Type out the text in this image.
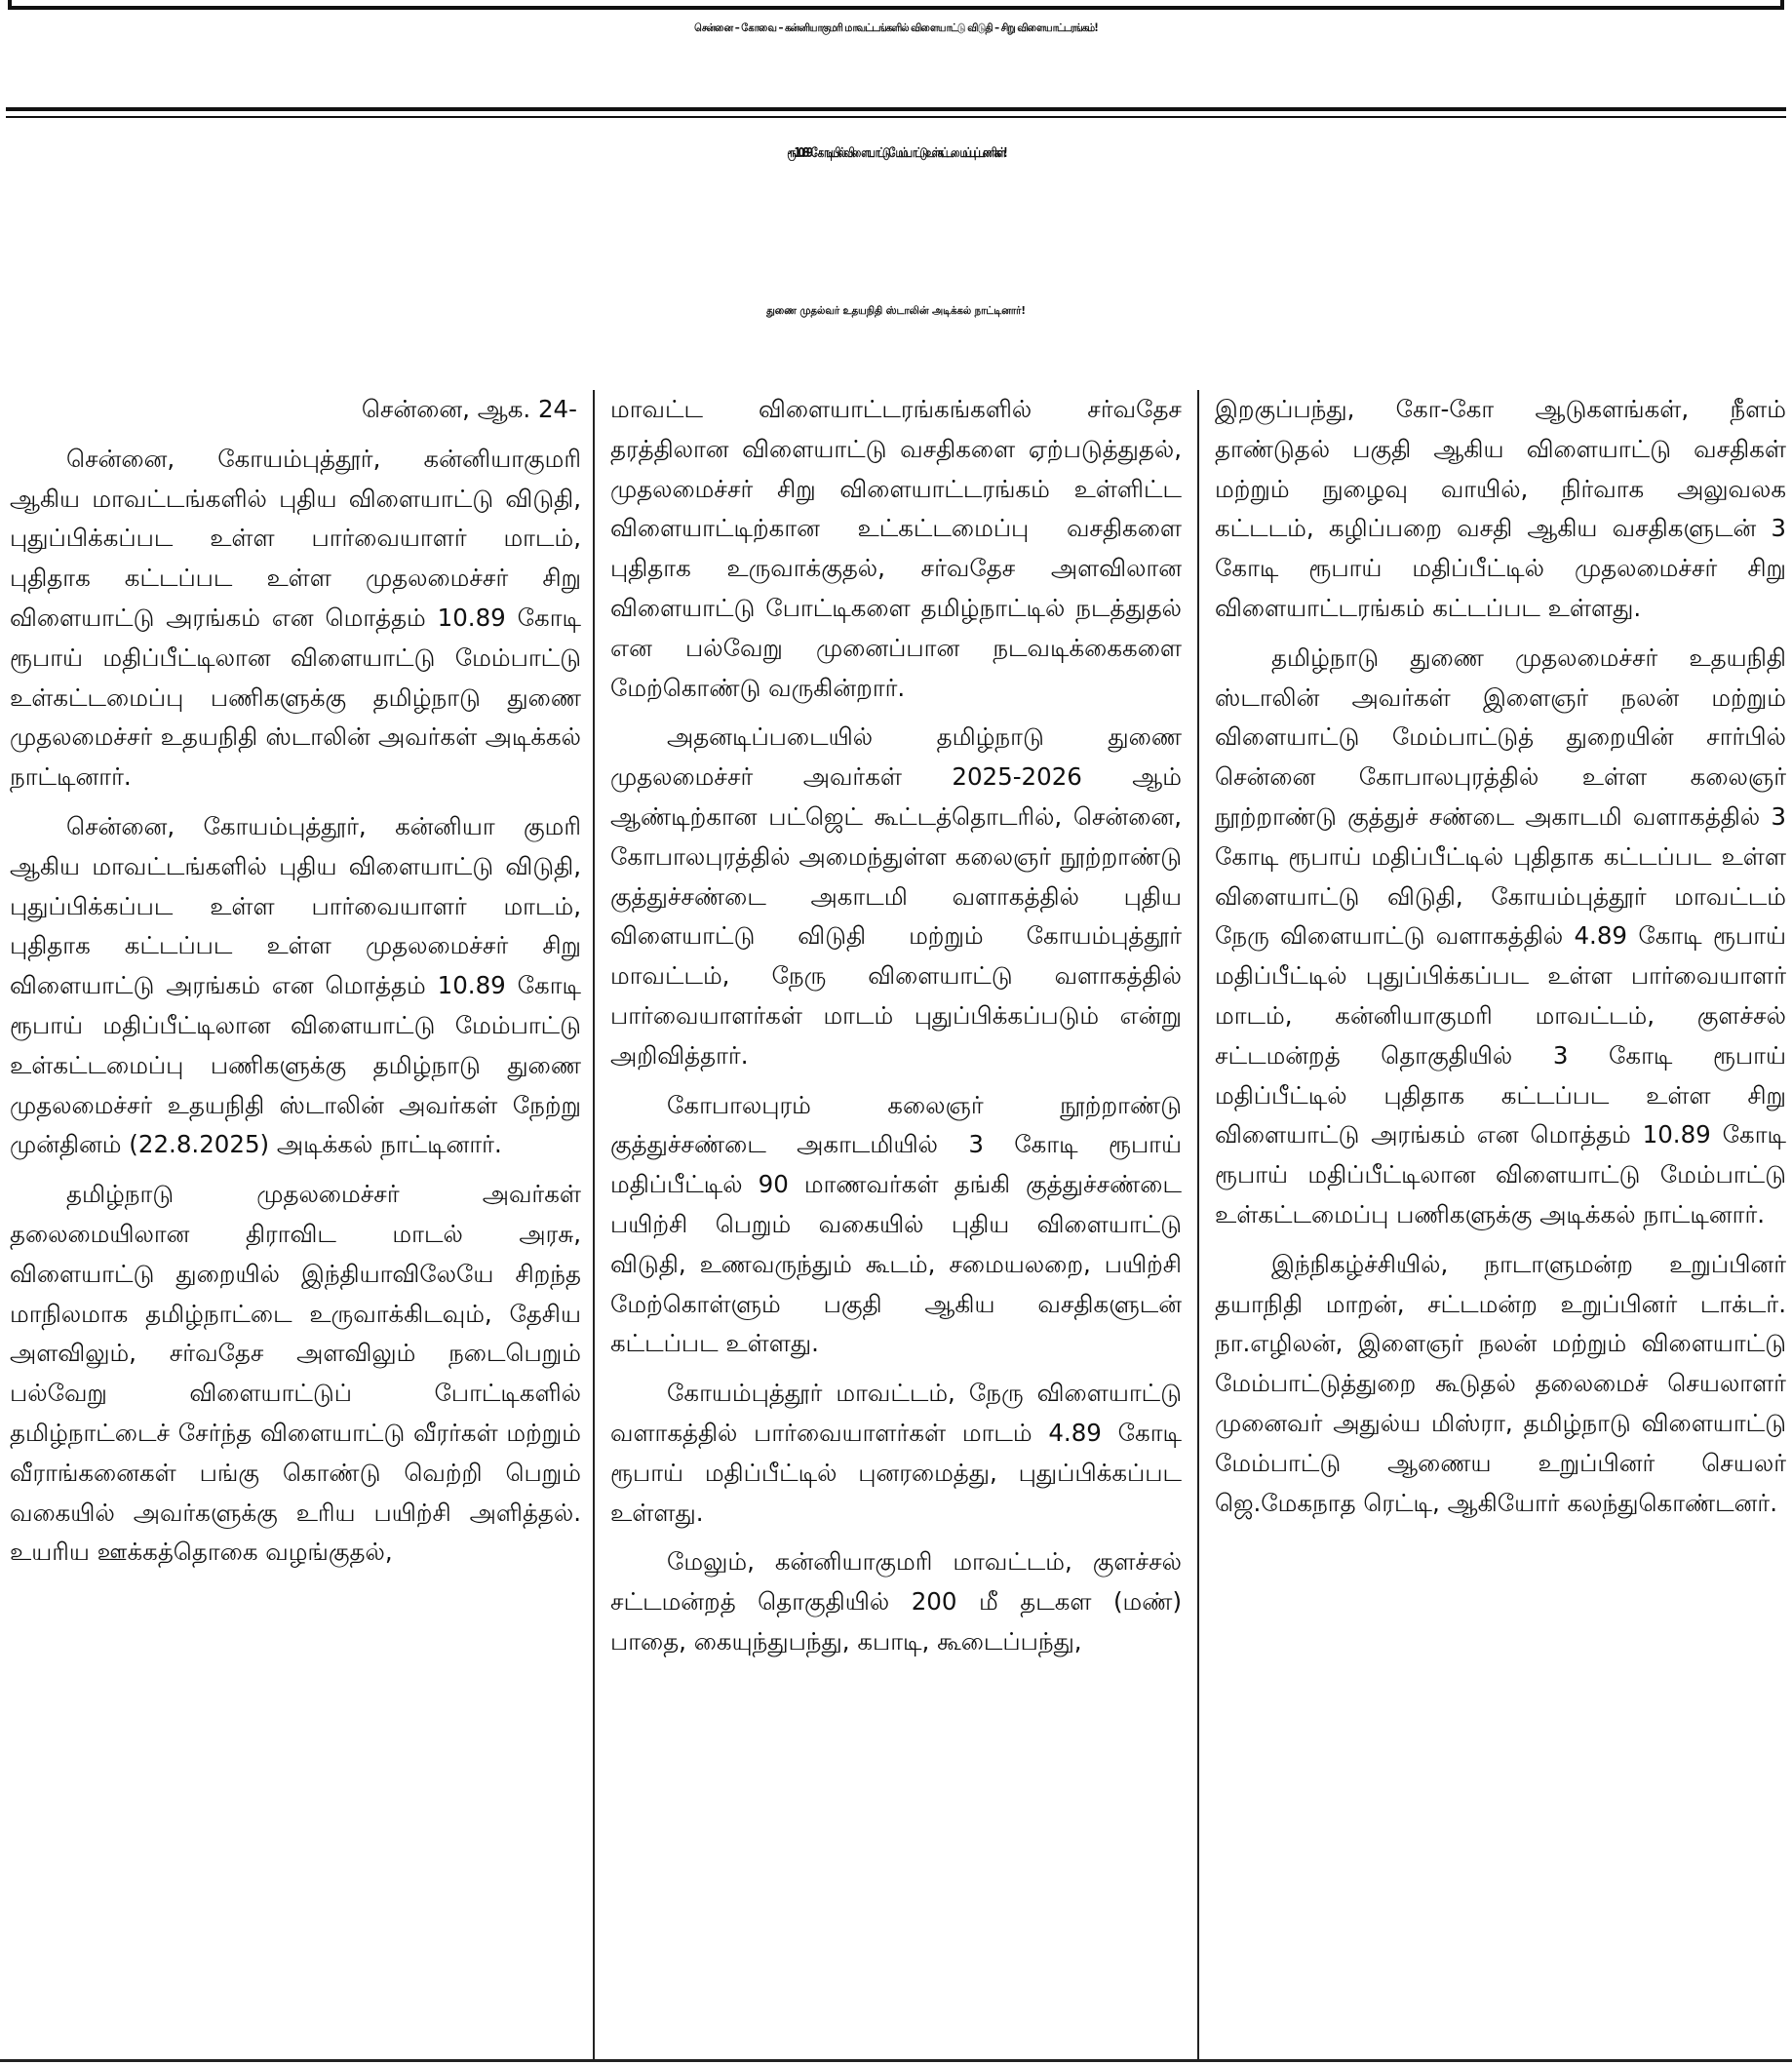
சென்னை – கோவை – கன்னியாகுமரி மாவட்டங்களில் விளையாட்டு விடுதி – சிறு விளையாட்டரங்கம்!
ரூ.10.89 கோடியில் விளையாட்டு மேம்பாட்டு உள்கட்டமைப்புப் பணிகள்!
துணை முதல்வர் உதயநிதி ஸ்டாலின் அடிக்கல் நாட்டினார்!

சென்னை, ஆக. 24-

சென்னை, கோயம்புத்தூர், கன்னியாகுமரி ஆகிய மாவட்டங்களில் புதிய விளையாட்டு விடுதி, புதுப்பிக்கப்பட உள்ள பார்வையாளர் மாடம், புதிதாக கட்டப்பட உள்ள முதலமைச்சர் சிறு விளையாட்டு அரங்கம் என மொத்தம் 10.89 கோடி ரூபாய் மதிப்பீட்டிலான விளையாட்டு மேம்பாட்டு உள்கட்டமைப்பு பணிகளுக்கு தமிழ்நாடு துணை முதலமைச்சர் உதயநிதி ஸ்டாலின் அவர்கள் அடிக்கல் நாட்டினார்.

சென்னை, கோயம்புத்தூர், கன்னியா குமரி ஆகிய மாவட்டங்களில் புதிய விளையாட்டு விடுதி, புதுப்பிக்கப்பட உள்ள பார்வையாளர் மாடம், புதிதாக கட்டப்பட உள்ள முதலமைச்சர் சிறு விளையாட்டு அரங்கம் என மொத்தம் 10.89 கோடி ரூபாய் மதிப்பீட்டிலான விளையாட்டு மேம்பாட்டு உள்கட்டமைப்பு பணிகளுக்கு தமிழ்நாடு துணை முதலமைச்சர் உதயநிதி ஸ்டாலின் அவர்கள் நேற்று முன்தினம் (22.8.2025) அடிக்கல் நாட்டினார்.

தமிழ்நாடு முதலமைச்சர் அவர்கள் தலைமையிலான திராவிட மாடல் அரசு, விளையாட்டு துறையில் இந்தியாவிலேயே சிறந்த மாநிலமாக தமிழ்நாட்டை உருவாக்கிடவும், தேசிய அளவிலும், சர்வதேச அளவிலும் நடைபெறும் பல்வேறு விளையாட்டுப் போட்டிகளில் தமிழ்நாட்டைச் சேர்ந்த விளையாட்டு வீரர்கள் மற்றும் வீராங்கனைகள் பங்கு கொண்டு வெற்றி பெறும் வகையில் அவர்களுக்கு உரிய பயிற்சி அளித்தல். உயரிய ஊக்கத்தொகை வழங்குதல்,

மாவட்ட விளையாட்டரங்கங்களில் சர்வதேச தரத்திலான விளையாட்டு வசதிகளை ஏற்படுத்துதல், முதலமைச்சர் சிறு விளையாட்டரங்கம் உள்ளிட்ட விளையாட்டிற்கான உட்கட்டமைப்பு வசதிகளை புதிதாக உருவாக்குதல், சர்வதேச அளவிலான விளையாட்டு போட்டிகளை தமிழ்நாட்டில் நடத்துதல் என பல்வேறு முனைப்பான நடவடிக்கைகளை மேற்கொண்டு வருகின்றார்.

அதனடிப்படையில் தமிழ்நாடு துணை முதலமைச்சர் அவர்கள் 2025-2026 ஆம் ஆண்டிற்கான பட்ஜெட் கூட்டத்தொடரில், சென்னை, கோபாலபுரத்தில் அமைந்துள்ள கலைஞர் நூற்றாண்டு குத்துச்சண்டை அகாடமி வளாகத்தில் புதிய விளையாட்டு விடுதி மற்றும் கோயம்புத்தூர் மாவட்டம், நேரு விளையாட்டு வளாகத்தில் பார்வையாளர்கள் மாடம் புதுப்பிக்கப்படும் என்று அறிவித்தார்.

கோபாலபுரம் கலைஞர் நூற்றாண்டு குத்துச்சண்டை அகாடமியில் 3 கோடி ரூபாய் மதிப்பீட்டில் 90 மாணவர்கள் தங்கி குத்துச்சண்டை பயிற்சி பெறும் வகையில் புதிய விளையாட்டு விடுதி, உணவருந்தும் கூடம், சமையலறை, பயிற்சி மேற்கொள்ளும் பகுதி ஆகிய வசதிகளுடன் கட்டப்பட உள்ளது.

கோயம்புத்தூர் மாவட்டம், நேரு விளையாட்டு வளாகத்தில் பார்வையாளர்கள் மாடம் 4.89 கோடி ரூபாய் மதிப்பீட்டில் புனரமைத்து, புதுப்பிக்கப்பட உள்ளது.

மேலும், கன்னியாகுமரி மாவட்டம், குளச்சல் சட்டமன்றத் தொகுதியில் 200 மீ தடகள (மண்) பாதை, கையுந்துபந்து, கபாடி, கூடைப்பந்து,

இறகுப்பந்து, கோ-கோ ஆடுகளங்கள், நீளம் தாண்டுதல் பகுதி ஆகிய விளையாட்டு வசதிகள் மற்றும் நுழைவு வாயில், நிர்வாக அலுவலக கட்டடம், கழிப்பறை வசதி ஆகிய வசதிகளுடன் 3 கோடி ரூபாய் மதிப்பீட்டில் முதலமைச்சர் சிறு விளையாட்டரங்கம் கட்டப்பட உள்ளது.

தமிழ்நாடு துணை முதலமைச்சர் உதயநிதி ஸ்டாலின் அவர்கள் இளைஞர் நலன் மற்றும் விளையாட்டு மேம்பாட்டுத் துறையின் சார்பில் சென்னை கோபாலபுரத்தில் உள்ள கலைஞர் நூற்றாண்டு குத்துச் சண்டை அகாடமி வளாகத்தில் 3 கோடி ரூபாய் மதிப்பீட்டில் புதிதாக கட்டப்பட உள்ள விளையாட்டு விடுதி, கோயம்புத்தூர் மாவட்டம் நேரு விளையாட்டு வளாகத்தில் 4.89 கோடி ரூபாய் மதிப்பீட்டில் புதுப்பிக்கப்பட உள்ள பார்வையாளர் மாடம், கன்னியாகுமரி மாவட்டம், குளச்சல் சட்டமன்றத் தொகுதியில் 3 கோடி ரூபாய் மதிப்பீட்டில் புதிதாக கட்டப்பட உள்ள சிறு விளையாட்டு அரங்கம் என மொத்தம் 10.89 கோடி ரூபாய் மதிப்பீட்டிலான விளையாட்டு மேம்பாட்டு உள்கட்டமைப்பு பணிகளுக்கு அடிக்கல் நாட்டினார்.

இந்நிகழ்ச்சியில், நாடாளுமன்ற உறுப்பினர் தயாநிதி மாறன், சட்டமன்ற உறுப்பினர் டாக்டர். நா.எழிலன், இளைஞர் நலன் மற்றும் விளையாட்டு மேம்பாட்டுத்துறை கூடுதல் தலைமைச் செயலாளர் முனைவர் அதுல்ய மிஸ்ரா, தமிழ்நாடு விளையாட்டு மேம்பாட்டு ஆணைய உறுப்பினர் செயலர் ஜெ.மேகநாத ரெட்டி, ஆகியோர் கலந்துகொண்டனர்.
